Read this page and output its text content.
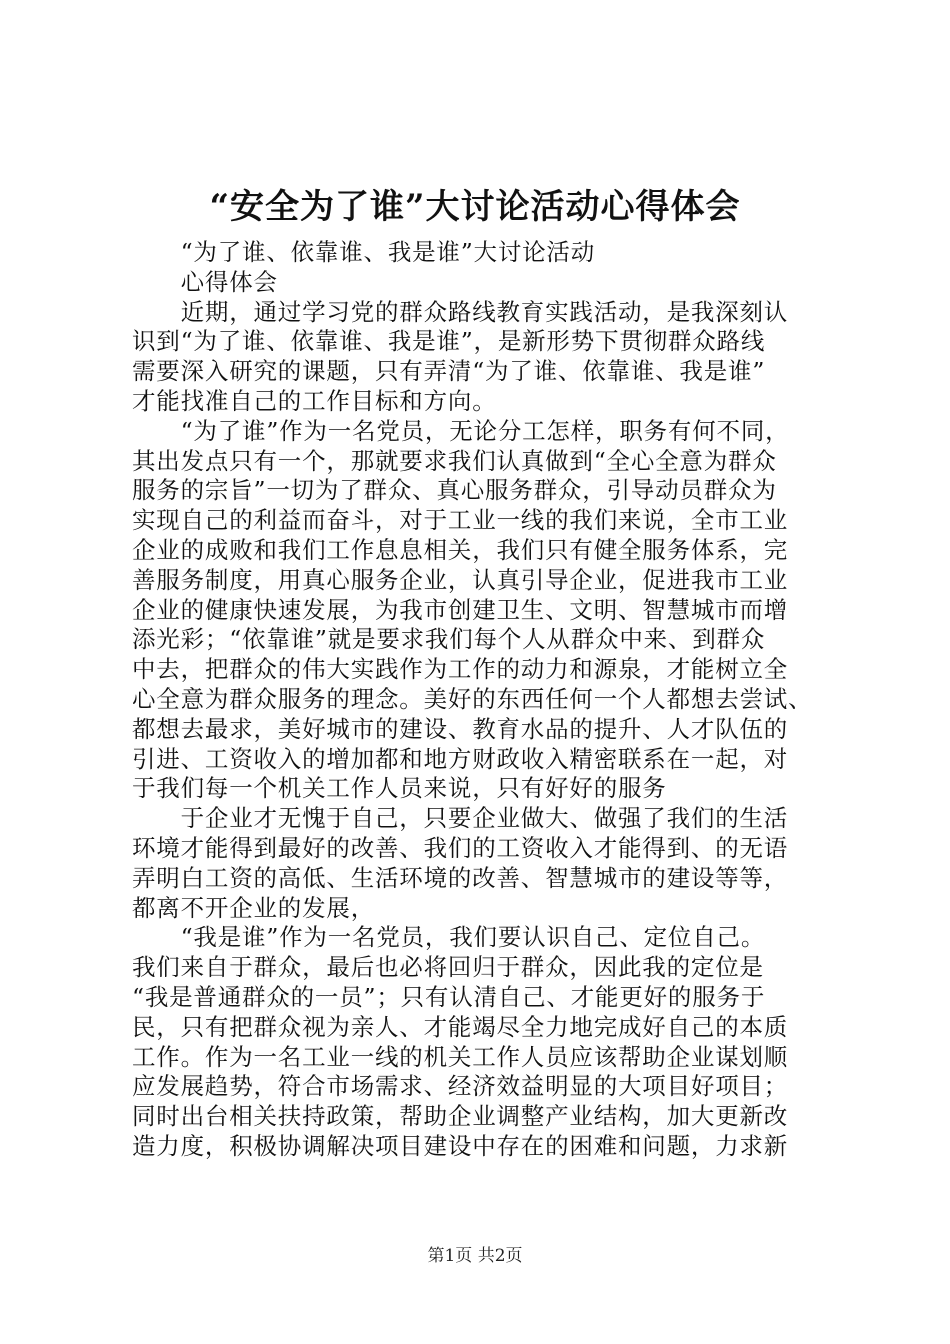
“安全为了谁”大讨论活动心得体会
　　“为了谁、依靠谁、我是谁”大讨论活动
　　心得体会
　　近期，通过学习党的群众路线教育实践活动，是我深刻认
识到“为了谁、依靠谁、我是谁”，是新形势下贯彻群众路线
需要深入研究的课题，只有弄清“为了谁、依靠谁、我是谁”
才能找准自己的工作目标和方向。
　　“为了谁”作为一名党员，无论分工怎样，职务有何不同，
其出发点只有一个，那就要求我们认真做到“全心全意为群众
服务的宗旨”一切为了群众、真心服务群众，引导动员群众为
实现自己的利益而奋斗，对于工业一线的我们来说，全市工业
企业的成败和我们工作息息相关，我们只有健全服务体系，完
善服务制度，用真心服务企业，认真引导企业，促进我市工业
企业的健康快速发展，为我市创建卫生、文明、智慧城市而增
添光彩；“依靠谁”就是要求我们每个人从群众中来、到群众
中去，把群众的伟大实践作为工作的动力和源泉，才能树立全
心全意为群众服务的理念。美好的东西任何一个人都想去尝试、
都想去最求，美好城市的建设、教育水品的提升、人才队伍的
引进、工资收入的增加都和地方财政收入精密联系在一起，对
于我们每一个机关工作人员来说，只有好好的服务
　　于企业才无愧于自己，只要企业做大、做强了我们的生活
环境才能得到最好的改善、我们的工资收入才能得到、的无语
弄明白工资的高低、生活环境的改善、智慧城市的建设等等，
都离不开企业的发展，
　　“我是谁”作为一名党员，我们要认识自己、定位自己。
我们来自于群众，最后也必将回归于群众，因此我的定位是
“我是普通群众的一员”；只有认清自己、才能更好的服务于
民，只有把群众视为亲人、才能竭尽全力地完成好自己的本质
工作。作为一名工业一线的机关工作人员应该帮助企业谋划顺
应发展趋势，符合市场需求、经济效益明显的大项目好项目；
同时出台相关扶持政策，帮助企业调整产业结构，加大更新改
造力度，积极协调解决项目建设中存在的困难和问题，力求新
第1页 共2页
